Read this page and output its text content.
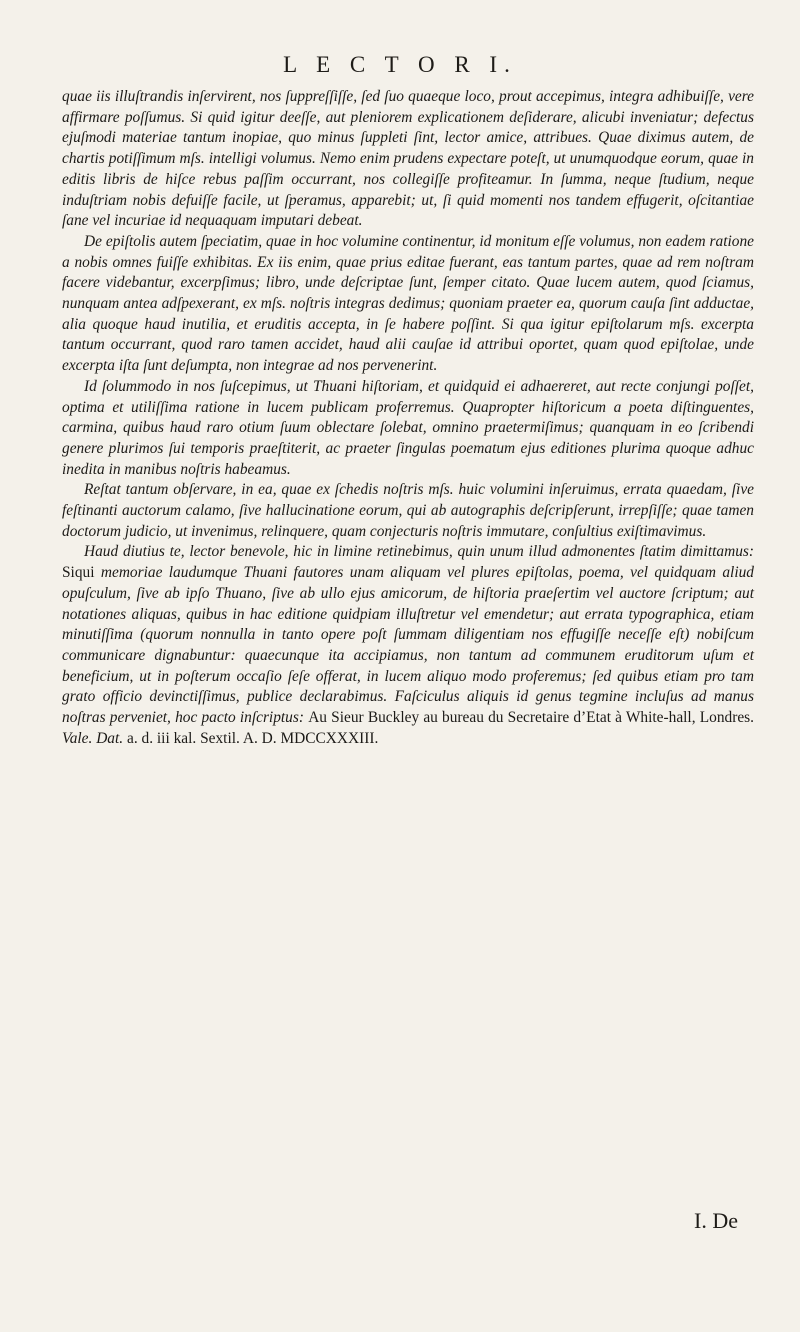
L E C T O R I.

quae iis illuſtrandis inſervirent, nos ſuppreſſiſſe, ſed ſuo quaeque loco, prout accepimus, integra adhibuiſſe, vere affirmare poſſumus. Si quid igitur deeſſe, aut pleniorem explicationem deſiderare, alicubi inveniatur; defectus ejuſmodi materiae tantum inopiae, quo minus ſuppleti ſint, lector amice, attribues. Quae diximus autem, de chartis potiſſimum mſs. intelligi volumus. Nemo enim prudens expectare poteſt, ut unumquodque eorum, quae in editis libris de hiſce rebus paſſim occurrant, nos collegiſſe profiteamur. In ſumma, neque ſtudium, neque induſtriam nobis defuiſſe facile, ut ſperamus, apparebit; ut, ſi quid momenti nos tandem effugerit, oſcitantiae ſane vel incuriae id nequaquam imputari debeat.

De epiſtolis autem ſpeciatim, quae in hoc volumine continentur, id monitum eſſe volumus, non eadem ratione a nobis omnes fuiſſe exhibitas. Ex iis enim, quae prius editae fuerant, eas tantum partes, quae ad rem noſtram facere videbantur, excerpſimus; libro, unde deſcriptae ſunt, ſemper citato. Quae lucem autem, quod ſciamus, nunquam antea adſpexerant, ex mſs. noſtris integras dedimus; quoniam praeter ea, quorum cauſa ſint adductae, alia quoque haud inutilia, et eruditis accepta, in ſe habere poſſint. Si qua igitur epiſtolarum mſs. excerpta tantum occurrant, quod raro tamen accidet, haud alii cauſae id attribui oportet, quam quod epiſtolae, unde excerpta iſta ſunt deſumpta, non integrae ad nos pervenerint.

Id ſolummodo in nos ſuſcepimus, ut Thuani hiſtoriam, et quidquid ei adhaereret, aut recte conjungi poſſet, optima et utiliſſima ratione in lucem publicam proferremus. Quapropter hiſtoricum a poeta diſtinguentes, carmina, quibus haud raro otium ſuum oblectare ſolebat, omnino praetermiſimus; quanquam in eo ſcribendi genere plurimos ſui temporis praeſtiterit, ac praeter ſingulas poematum ejus editiones plurima quoque adhuc inedita in manibus noſtris habeamus.

Reſtat tantum obſervare, in ea, quae ex ſchedis noſtris mſs. huic volumini inſeruimus, errata quaedam, ſive feſtinanti auctorum calamo, ſive hallucinatione eorum, qui ab autographis deſcripſerunt, irrepſiſſe; quae tamen doctorum judicio, ut invenimus, relinquere, quam conjecturis noſtris immutare, conſultius exiſtimavimus.

Haud diutius te, lector benevole, hic in limine retinebimus, quin unum illud admonentes ſtatim dimittamus: Siqui memoriae laudumque Thuani fautores unam aliquam vel plures epiſtolas, poema, vel quidquam aliud opuſculum, ſive ab ipſo Thuano, ſive ab ullo ejus amicorum, de hiſtoria praeſertim vel auctore ſcriptum; aut notationes aliquas, quibus in hac editione quidpiam illuſtretur vel emendetur; aut errata typographica, etiam minutiſſima (quorum nonnulla in tanto opere poſt ſummam diligentiam nos effugiſſe neceſſe eſt) nobiſcum communicare dignabuntur: quaecunque ita accipiamus, non tantum ad communem eruditorum uſum et beneficium, ut in poſterum occaſio ſeſe offerat, in lucem aliquo modo proferemus; ſed quibus etiam pro tam grato officio devinctiſſimus, publice declarabimus. Faſciculus aliquis id genus tegmine incluſus ad manus noſtras perveniet, hoc pacto inſcriptus: Au Sieur Buckley au bureau du Secretaire d’Etat à White-hall, Londres. Vale. Dat. a. d. iii kal. Sextil. A. D. MDCCXXXIII.

I. De
